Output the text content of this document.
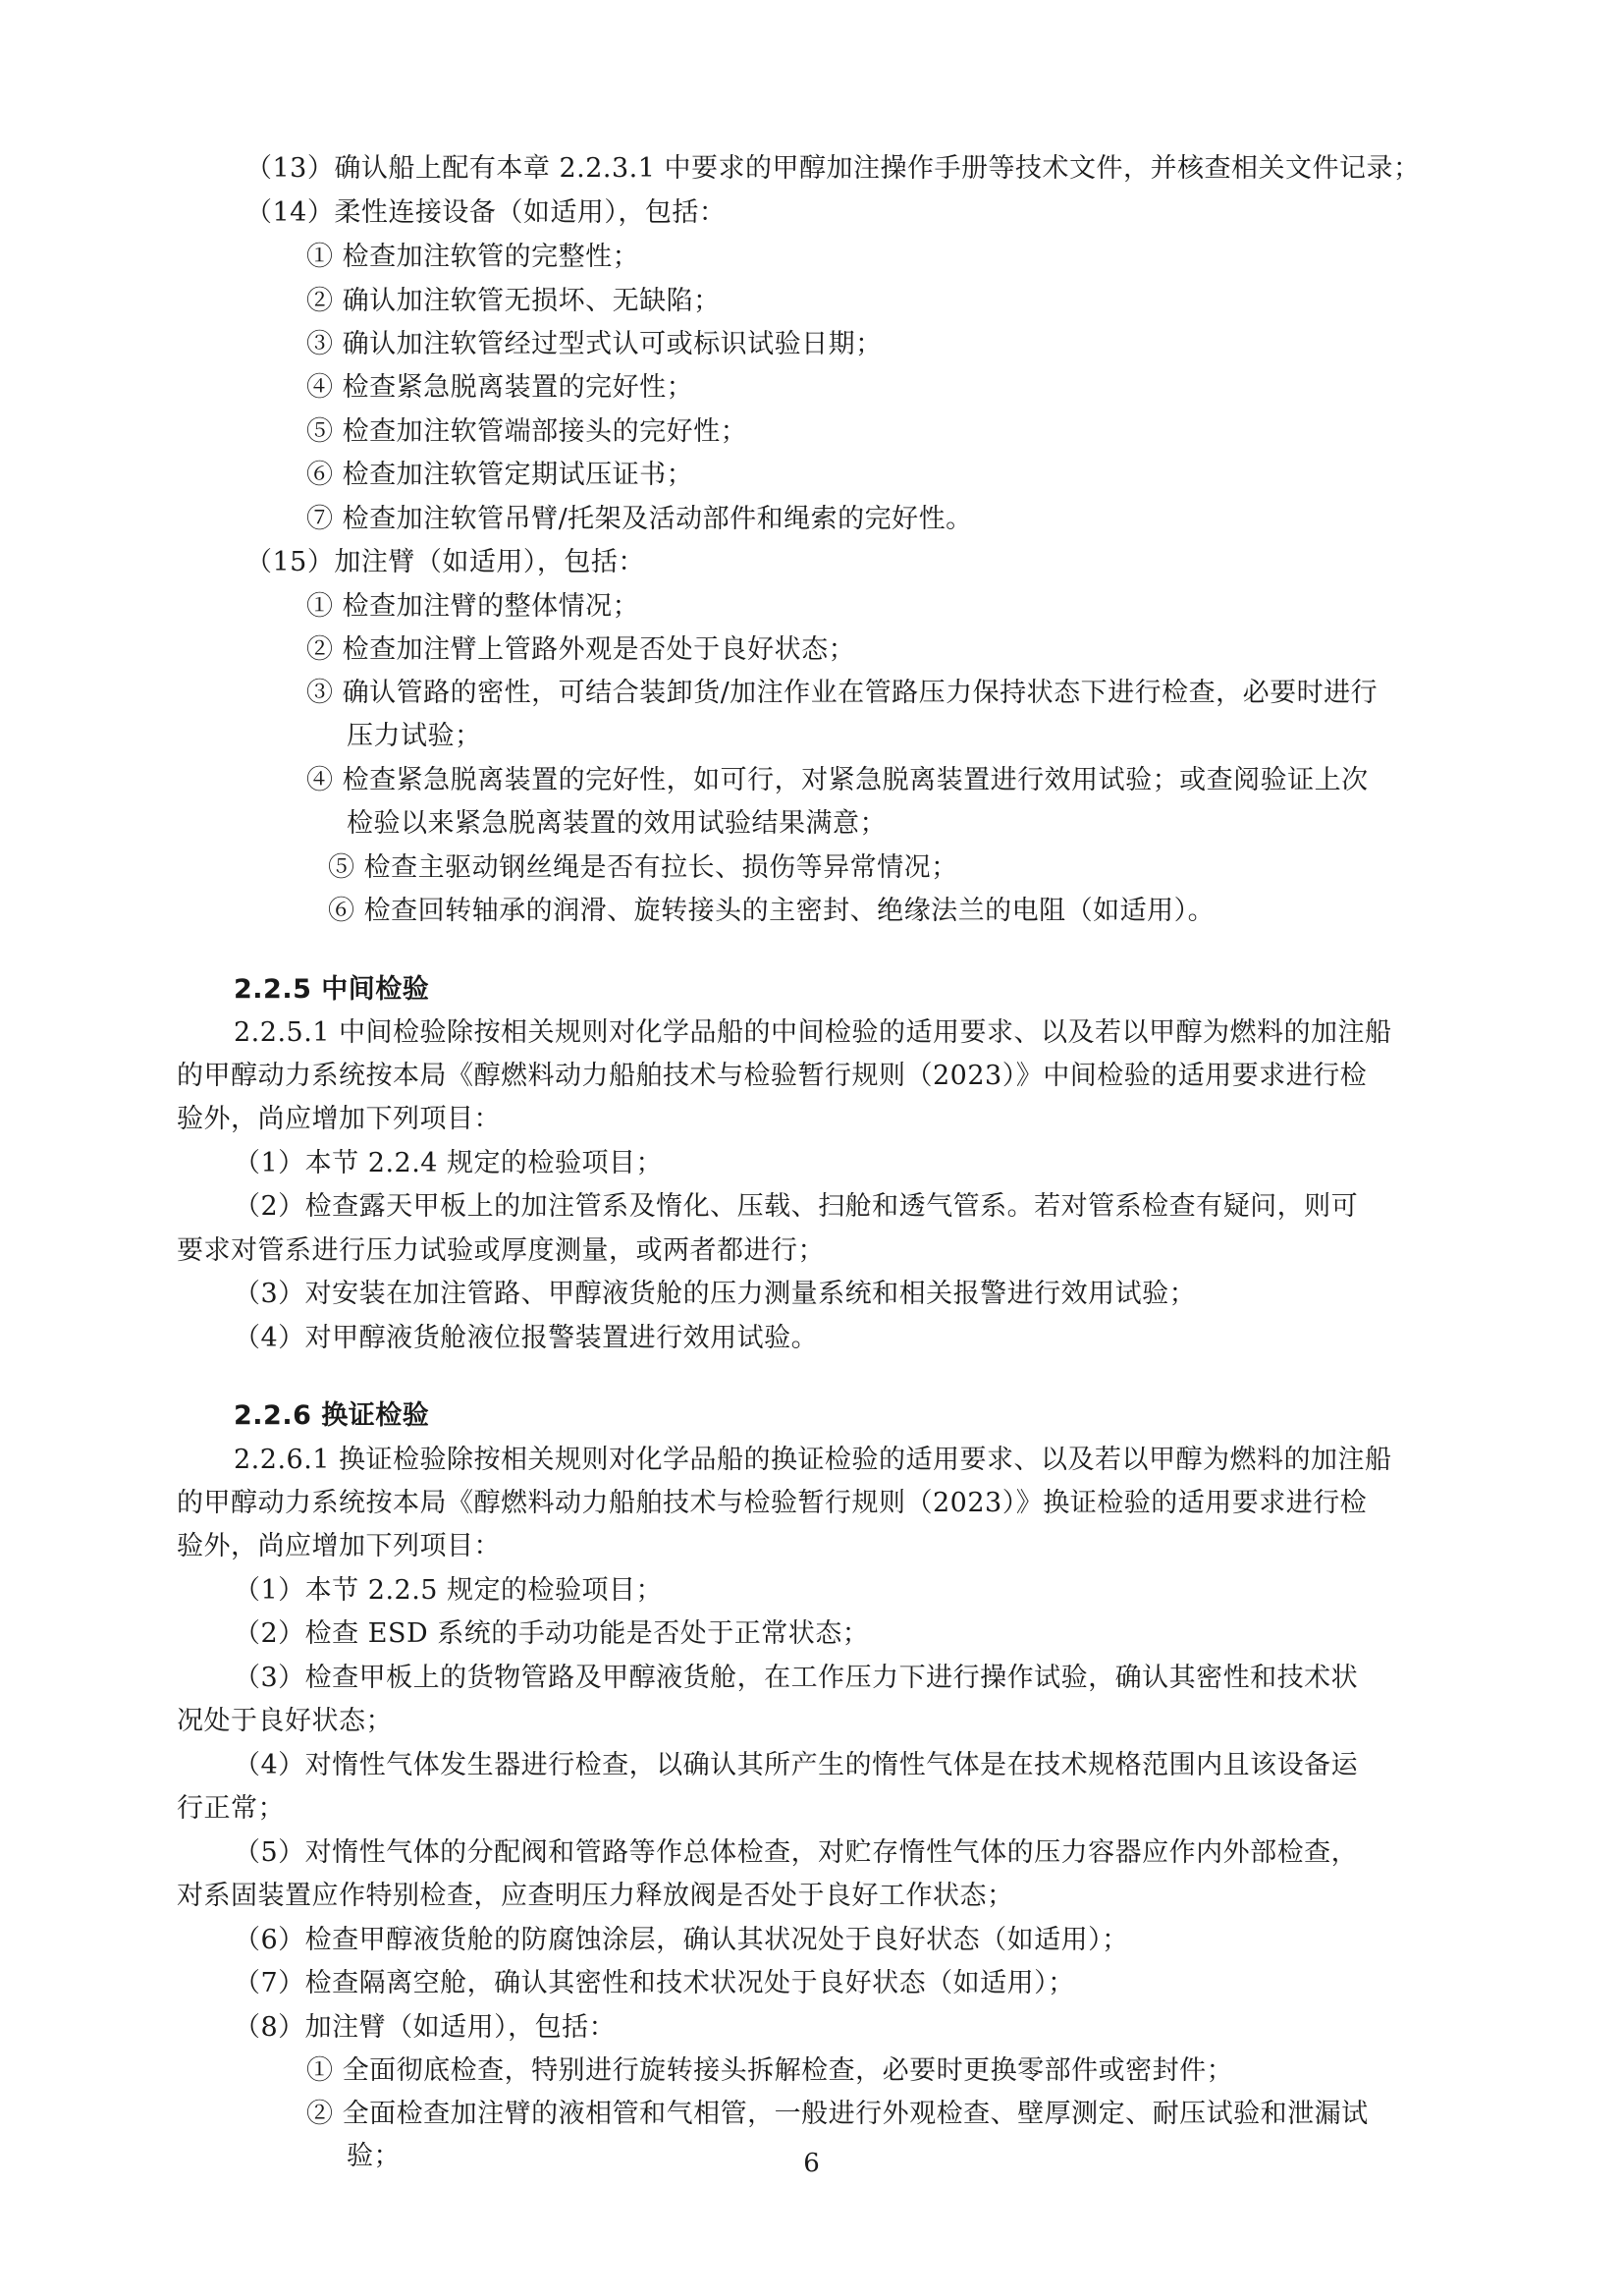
（13）确认船上配有本章 2.2.3.1 中要求的甲醇加注操作手册等技术文件，并核查相关文件记录；
（14）柔性连接设备（如适用），包括：
① 检查加注软管的完整性；
② 确认加注软管无损坏、无缺陷；
③ 确认加注软管经过型式认可或标识试验日期；
④ 检查紧急脱离装置的完好性；
⑤ 检查加注软管端部接头的完好性；
⑥ 检查加注软管定期试压证书；
⑦ 检查加注软管吊臂/托架及活动部件和绳索的完好性。
（15）加注臂（如适用），包括：
① 检查加注臂的整体情况；
② 检查加注臂上管路外观是否处于良好状态；
③ 确认管路的密性，可结合装卸货/加注作业在管路压力保持状态下进行检查，必要时进行
压力试验；
④ 检查紧急脱离装置的完好性，如可行，对紧急脱离装置进行效用试验；或查阅验证上次
检验以来紧急脱离装置的效用试验结果满意；
⑤ 检查主驱动钢丝绳是否有拉长、损伤等异常情况；
⑥ 检查回转轴承的润滑、旋转接头的主密封、绝缘法兰的电阻（如适用）。
2.2.5 中间检验
2.2.5.1 中间检验除按相关规则对化学品船的中间检验的适用要求、以及若以甲醇为燃料的加注船
的甲醇动力系统按本局《醇燃料动力船舶技术与检验暂行规则（2023）》中间检验的适用要求进行检
验外，尚应增加下列项目：
（1）本节 2.2.4 规定的检验项目；
（2）检查露天甲板上的加注管系及惰化、压载、扫舱和透气管系。若对管系检查有疑问，则可
要求对管系进行压力试验或厚度测量，或两者都进行；
（3）对安装在加注管路、甲醇液货舱的压力测量系统和相关报警进行效用试验；
（4）对甲醇液货舱液位报警装置进行效用试验。
2.2.6 换证检验
2.2.6.1 换证检验除按相关规则对化学品船的换证检验的适用要求、以及若以甲醇为燃料的加注船
的甲醇动力系统按本局《醇燃料动力船舶技术与检验暂行规则（2023）》换证检验的适用要求进行检
验外，尚应增加下列项目：
（1）本节 2.2.5 规定的检验项目；
（2）检查 ESD 系统的手动功能是否处于正常状态；
（3）检查甲板上的货物管路及甲醇液货舱，在工作压力下进行操作试验，确认其密性和技术状
况处于良好状态；
（4）对惰性气体发生器进行检查，以确认其所产生的惰性气体是在技术规格范围内且该设备运
行正常；
（5）对惰性气体的分配阀和管路等作总体检查，对贮存惰性气体的压力容器应作内外部检查，
对系固装置应作特别检查，应查明压力释放阀是否处于良好工作状态；
（6）检查甲醇液货舱的防腐蚀涂层，确认其状况处于良好状态（如适用）；
（7）检查隔离空舱，确认其密性和技术状况处于良好状态（如适用）；
（8）加注臂（如适用），包括：
① 全面彻底检查，特别进行旋转接头拆解检查，必要时更换零部件或密封件；
② 全面检查加注臂的液相管和气相管，一般进行外观检查、壁厚测定、耐压试验和泄漏试
验；	6
